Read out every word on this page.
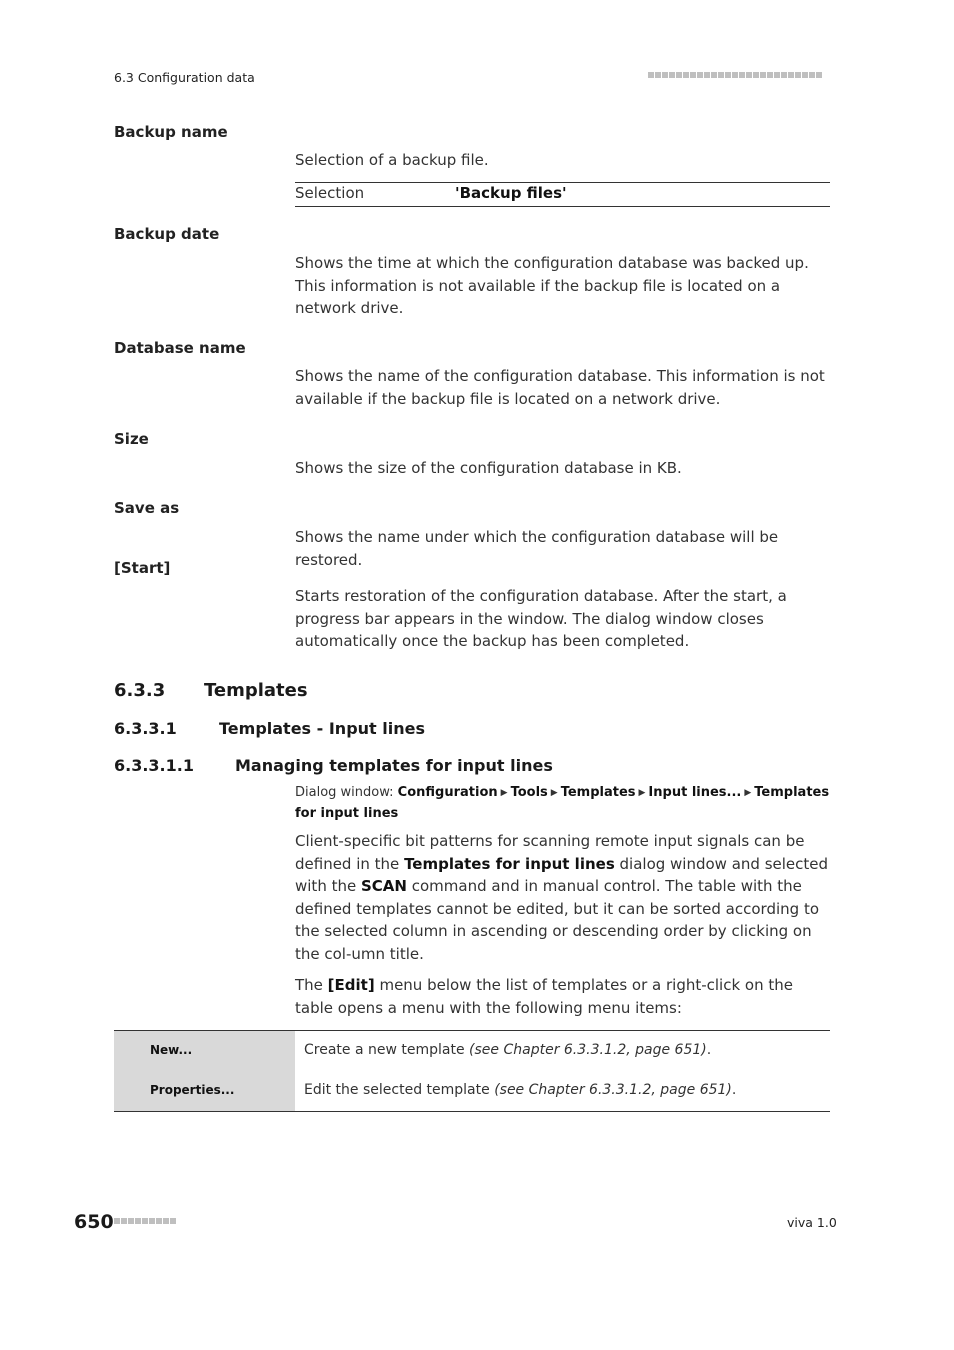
6.3 Configuration data
Backup name
Selection of a backup file.
Selection	'Backup files'
Backup date
Shows the time at which the configuration database was backed up. This information is not available if the backup file is located on a network drive.
Database name
Shows the name of the configuration database. This information is not available if the backup file is located on a network drive.
Size
Shows the size of the configuration database in KB.
Save as
Shows the name under which the configuration database will be restored.
[Start]
Starts restoration of the configuration database. After the start, a progress bar appears in the window. The dialog window closes automatically once the backup has been completed.
6.3.3 Templates
6.3.3.1	Templates - Input lines
6.3.3.1.1	Managing templates for input lines
Dialog window: Configuration ▶ Tools ▶ Templates ▶ Input lines... ▶ Templates for input lines
Client-specific bit patterns for scanning remote input signals can be defined in the Templates for input lines dialog window and selected with the SCAN command and in manual control. The table with the defined templates cannot be edited, but it can be sorted according to the selected column in ascending or descending order by clicking on the col-umn title.
The [Edit] menu below the list of templates or a right-click on the table opens a menu with the following menu items:
New...	Create a new template (see Chapter 6.3.3.1.2, page 651).
Properties...	Edit the selected template (see Chapter 6.3.3.1.2, page 651).
650	viva 1.0
